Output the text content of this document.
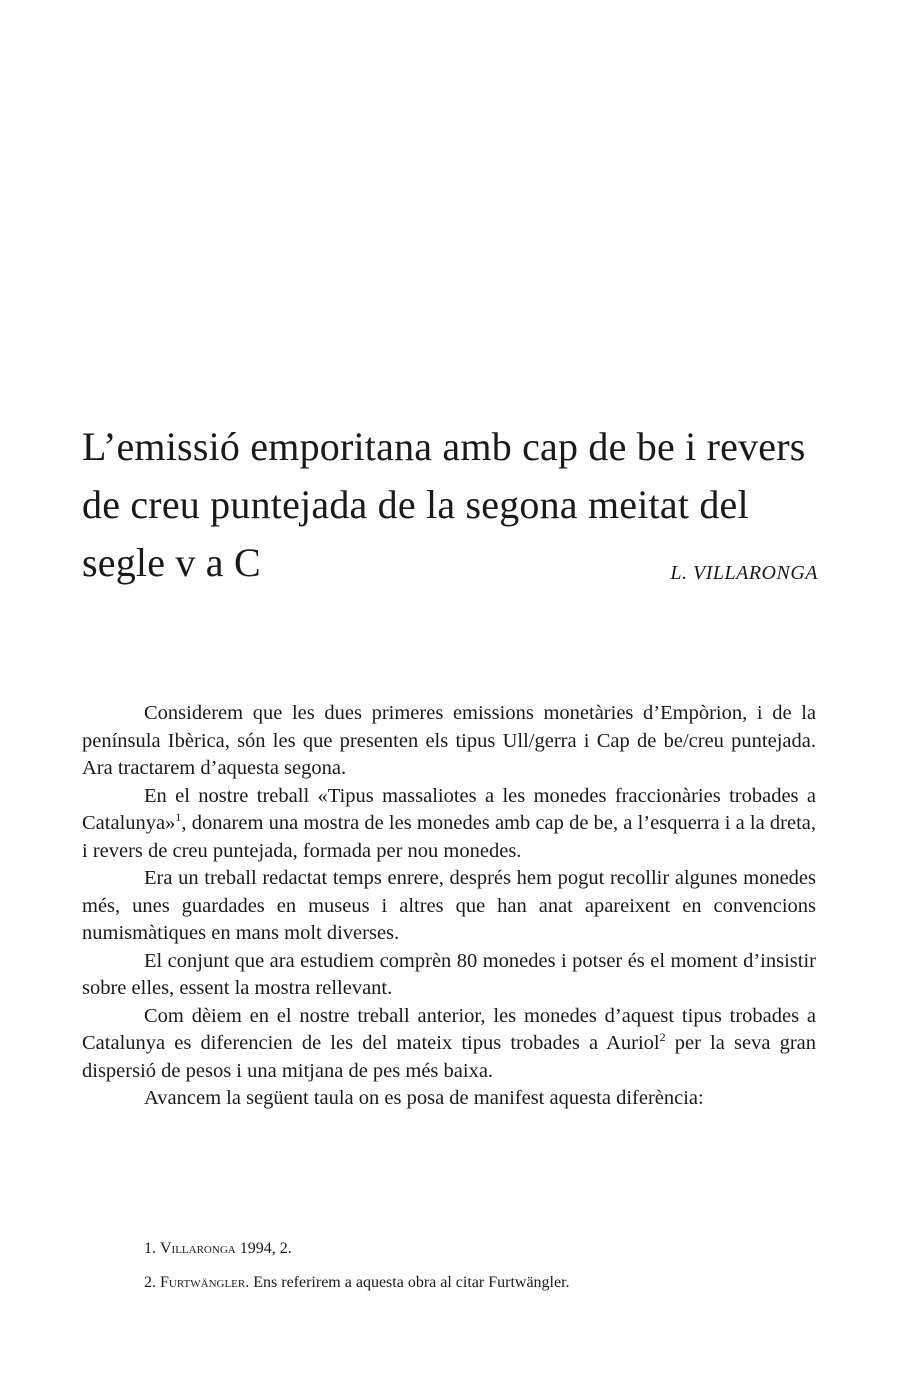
L’emissió emporitana amb cap de be i revers de creu puntejada de la segona meitat del segle v a C	L. VILLARONGA

Considerem que les dues primeres emissions monetàries d’Empòrion, i de la península Ibèrica, són les que presenten els tipus Ull/gerra i Cap de be/creu puntejada. Ara tractarem d’aquesta segona.

En el nostre treball «Tipus massaliotes a les monedes fraccionàries trobades a Catalunya»$^1$, donarem una mostra de les monedes amb cap de be, a l’esquerra i a la dreta, i revers de creu puntejada, formada per nou monedes.

Era un treball redactat temps enrere, després hem pogut recollir algunes monedes més, unes guardades en museus i altres que han anat apareixent en convencions numismàtiques en mans molt diverses.

El conjunt que ara estudiem comprèn 80 monedes i potser és el moment d’insistir sobre elles, essent la mostra rellevant.

Com dèiem en el nostre treball anterior, les monedes d’aquest tipus trobades a Catalunya es diferencien de les del mateix tipus trobades a Auriol$^2$ per la seva gran dispersió de pesos i una mitjana de pes més baixa.

Avancem la següent taula on es posa de manifest aquesta diferència:

1. Villaronga 1994, 2.
2. Furtwängler. Ens referirem a aquesta obra al citar Furtwängler.
